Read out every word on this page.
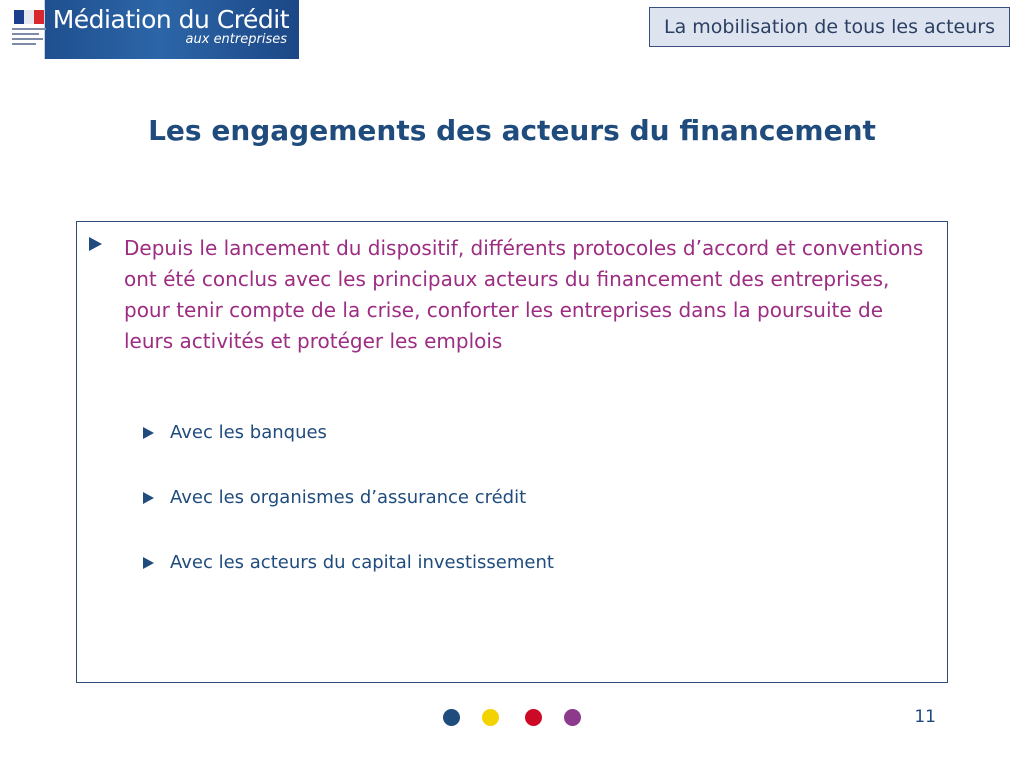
Médiation du Crédit
aux entreprises
La mobilisation de tous les acteurs
Les engagements des acteurs du financement
Depuis le lancement du dispositif, différents protocoles d’accord et conventions ont été conclus avec les principaux acteurs du financement des entreprises, pour tenir compte de la crise, conforter les entreprises dans la poursuite de leurs activités et protéger les emplois
Avec les banques
Avec les organismes d’assurance crédit
Avec les acteurs du capital investissement
11
